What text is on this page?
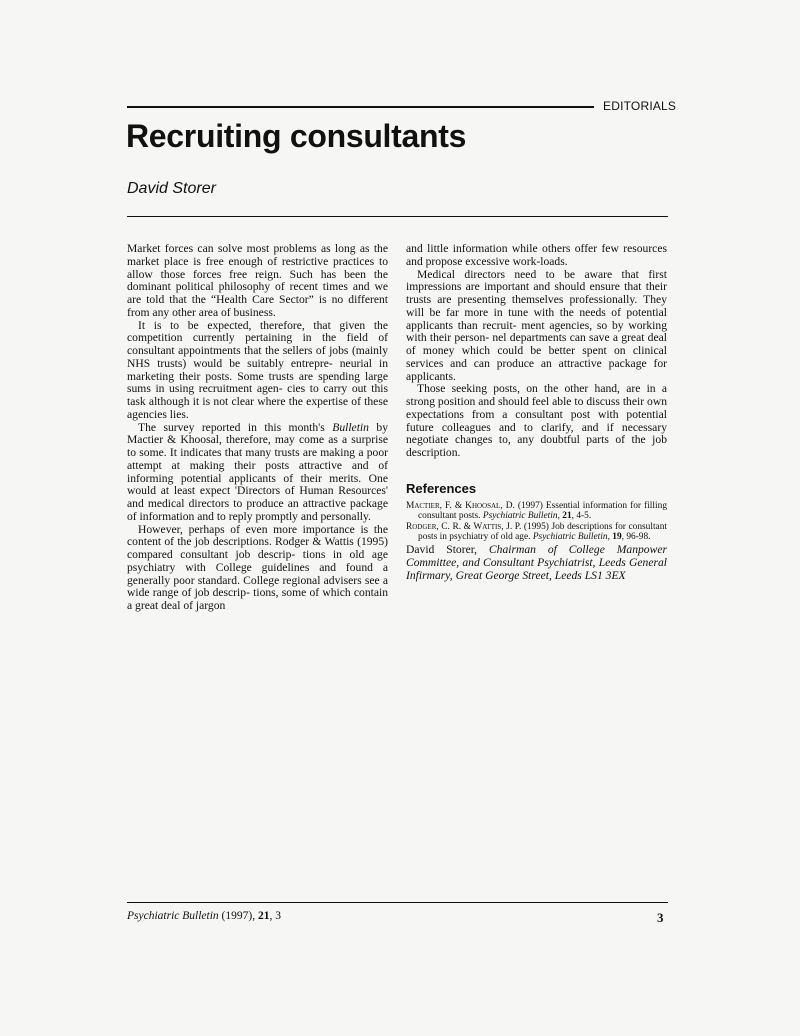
EDITORIALS
Recruiting consultants
David Storer

Market forces can solve most problems as long as the market place is free enough of restrictive practices to allow those forces free reign. Such has been the dominant political philosophy of recent times and we are told that the “Health Care Sector” is no different from any other area of business.

It is to be expected, therefore, that given the competition currently pertaining in the field of consultant appointments that the sellers of jobs (mainly NHS trusts) would be suitably entrepre- neurial in marketing their posts. Some trusts are spending large sums in using recruitment agen- cies to carry out this task although it is not clear where the expertise of these agencies lies.

The survey reported in this month's Bulletin by Mactier & Khoosal, therefore, may come as a surprise to some. It indicates that many trusts are making a poor attempt at making their posts attractive and of informing potential applicants of their merits. One would at least expect 'Directors of Human Resources' and medical directors to produce an attractive package of information and to reply promptly and personally.

However, perhaps of even more importance is the content of the job descriptions. Rodger & Wattis (1995) compared consultant job descrip- tions in old age psychiatry with College guidelines and found a generally poor standard. College regional advisers see a wide range of job descrip- tions, some of which contain a great deal of jargon

and little information while others offer few resources and propose excessive work-loads.

Medical directors need to be aware that first impressions are important and should ensure that their trusts are presenting themselves professionally. They will be far more in tune with the needs of potential applicants than recruit- ment agencies, so by working with their person- nel departments can save a great deal of money which could be better spent on clinical services and can produce an attractive package for applicants.

Those seeking posts, on the other hand, are in a strong position and should feel able to discuss their own expectations from a consultant post with potential future colleagues and to clarify, and if necessary negotiate changes to, any doubtful parts of the job description.

References

Mactier, F. & Khoosal, D. (1997) Essential information for filling consultant posts. Psychiatric Bulletin, 21, 4-5.

Rodger, C. R. & Wattis, J. P. (1995) Job descriptions for consultant posts in psychiatry of old age. Psychiatric Bulletin, 19, 96-98.

David Storer, Chairman of College Manpower Committee, and Consultant Psychiatrist, Leeds General Infirmary, Great George Street, Leeds LS1 3EX

Psychiatric Bulletin (1997), 21, 3	3
